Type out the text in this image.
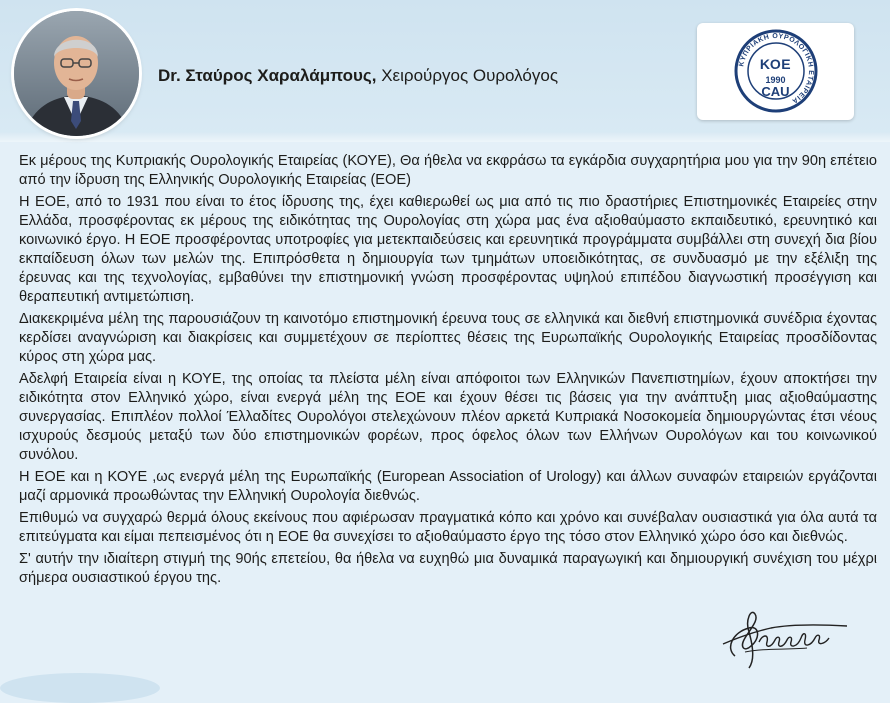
Dr. Σταύρος Χαραλάμπους, Χειρούργος Ουρολόγος
ΚΥΠΡΙΑΚΗ ΟΥΡΟΛΟΓΙΚΗ ΕΤΑΙΡΕΙΑ
ΚΟΕ
1990
CAU

Εκ μέρους της Κυπριακής Ουρολογικής Εταιρείας (ΚΟΥΕ), Θα ήθελα να εκφράσω τα εγκάρδια συγχαρητήρια μου για την 90η επέτειο από την ίδρυση της Ελληνικής Ουρολογικής Εταιρείας (ΕΟΕ)

Η ΕΟΕ, από το 1931 που είναι το έτος ίδρυσης της, έχει καθιερωθεί ως μια από τις πιο δραστήριες Επιστημονικές Εταιρείες στην Ελλάδα, προσφέροντας εκ μέρους της ειδικότητας της Ουρολογίας στη χώρα μας ένα αξιοθαύμαστο εκπαιδευτικό, ερευνητικό και κοινωνικό έργο. Η ΕΟΕ προσφέροντας υποτροφίες για μετεκπαιδεύσεις και ερευνητικά προγράμματα συμβάλλει στη συνεχή δια βίου εκπαίδευση όλων των μελών της. Επιπρόσθετα η δημιουργία των τμημάτων υποειδικότητας, σε συνδυασμό με την εξέλιξη της έρευνας και της τεχνολογίας, εμβαθύνει την επιστημονική γνώση προσφέροντας υψηλού επιπέδου διαγνωστική προσέγγιση και θεραπευτική αντιμετώπιση.

Διακεκριμένα μέλη της παρουσιάζουν τη καινοτόμο επιστημονική έρευνα τους σε ελληνικά και διεθνή επιστημονικά συνέδρια έχοντας κερδίσει αναγνώριση και διακρίσεις και συμμετέχουν σε περίοπτες θέσεις της Ευρωπαϊκής Ουρολογικής Εταιρείας προσδίδοντας κύρος στη χώρα μας.

Αδελφή Εταιρεία είναι η ΚΟΥΕ, της οποίας τα πλείστα μέλη είναι απόφοιτοι των Ελληνικών Πανεπιστημίων, έχουν αποκτήσει την ειδικότητα στον Ελληνικό χώρο, είναι ενεργά μέλη της ΕΟΕ και έχουν θέσει τις βάσεις για την ανάπτυξη μιας αξιοθαύμαστης συνεργασίας. Επιπλέον πολλοί Έλλαδίτες Ουρολόγοι στελεχώνουν πλέον αρκετά Κυπριακά Νοσοκομεία δημιουργώντας έτσι νέους ισχυρούς δεσμούς μεταξύ των δύο επιστημονικών φορέων, προς όφελος όλων των Ελλήνων Ουρολόγων και του κοινωνικού συνόλου.

Η ΕΟΕ και η ΚΟΥΕ ,ως ενεργά μέλη της Ευρωπαϊκής (European Association of Urology) και άλλων συναφών εταιρειών εργάζονται μαζί αρμονικά προωθώντας την Ελληνική Ουρολογία διεθνώς.

Επιθυμώ να συγχαρώ θερμά όλους εκείνους που αφιέρωσαν πραγματικά κόπο και χρόνο και συνέβαλαν ουσιαστικά για όλα αυτά τα επιτεύγματα και είμαι πεπεισμένος ότι η ΕΟΕ θα συνεχίσει το αξιοθαύμαστο έργο της τόσο στον Ελληνικό χώρο όσο και διεθνώς.

Σ' αυτήν την ιδιαίτερη στιγμή της 90ής επετείου, θα ήθελα να ευχηθώ μια δυναμικά παραγωγική και δημιουργική συνέχιση του μέχρι σήμερα ουσιαστικού έργου της.
